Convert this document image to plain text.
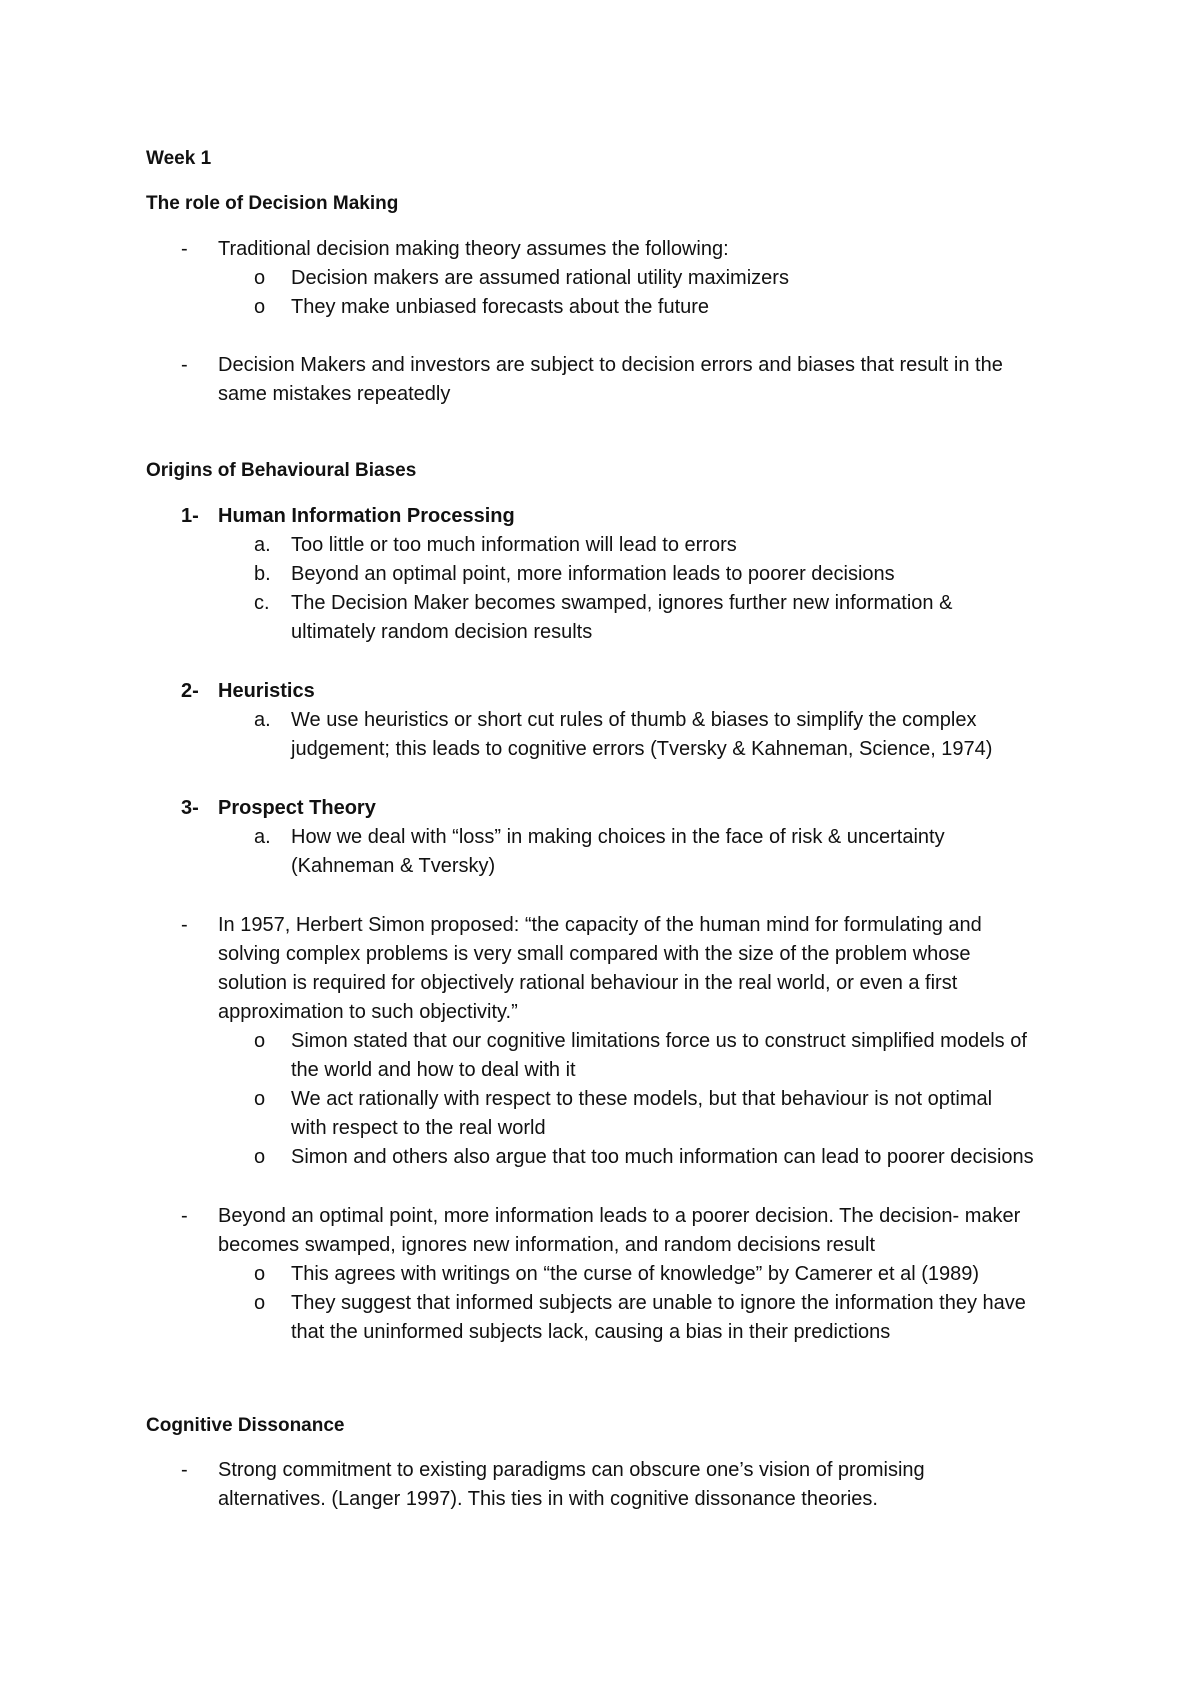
Week 1
The role of Decision Making
- Traditional decision making theory assumes the following:
o Decision makers are assumed rational utility maximizers
o They make unbiased forecasts about the future
- Decision Makers and investors are subject to decision errors and biases that result in the
same mistakes repeatedly
Origins of Behavioural Biases
1- Human Information Processing
a. Too little or too much information will lead to errors
b. Beyond an optimal point, more information leads to poorer decisions
c. The Decision Maker becomes swamped, ignores further new information &
ultimately random decision results
2- Heuristics
a. We use heuristics or short cut rules of thumb & biases to simplify the complex
judgement; this leads to cognitive errors (Tversky & Kahneman, Science, 1974)
3- Prospect Theory
a. How we deal with “loss” in making choices in the face of risk & uncertainty
(Kahneman & Tversky)
- In 1957, Herbert Simon proposed: “the capacity of the human mind for formulating and
solving complex problems is very small compared with the size of the problem whose
solution is required for objectively rational behaviour in the real world, or even a first
approximation to such objectivity.”
o Simon stated that our cognitive limitations force us to construct simplified models of
the world and how to deal with it
o We act rationally with respect to these models, but that behaviour is not optimal
with respect to the real world
o Simon and others also argue that too much information can lead to poorer decisions
- Beyond an optimal point, more information leads to a poorer decision. The decision- maker
becomes swamped, ignores new information, and random decisions result
o This agrees with writings on “the curse of knowledge” by Camerer et al (1989)
o They suggest that informed subjects are unable to ignore the information they have
that the uninformed subjects lack, causing a bias in their predictions
Cognitive Dissonance
- Strong commitment to existing paradigms can obscure one’s vision of promising
alternatives. (Langer 1997). This ties in with cognitive dissonance theories.
